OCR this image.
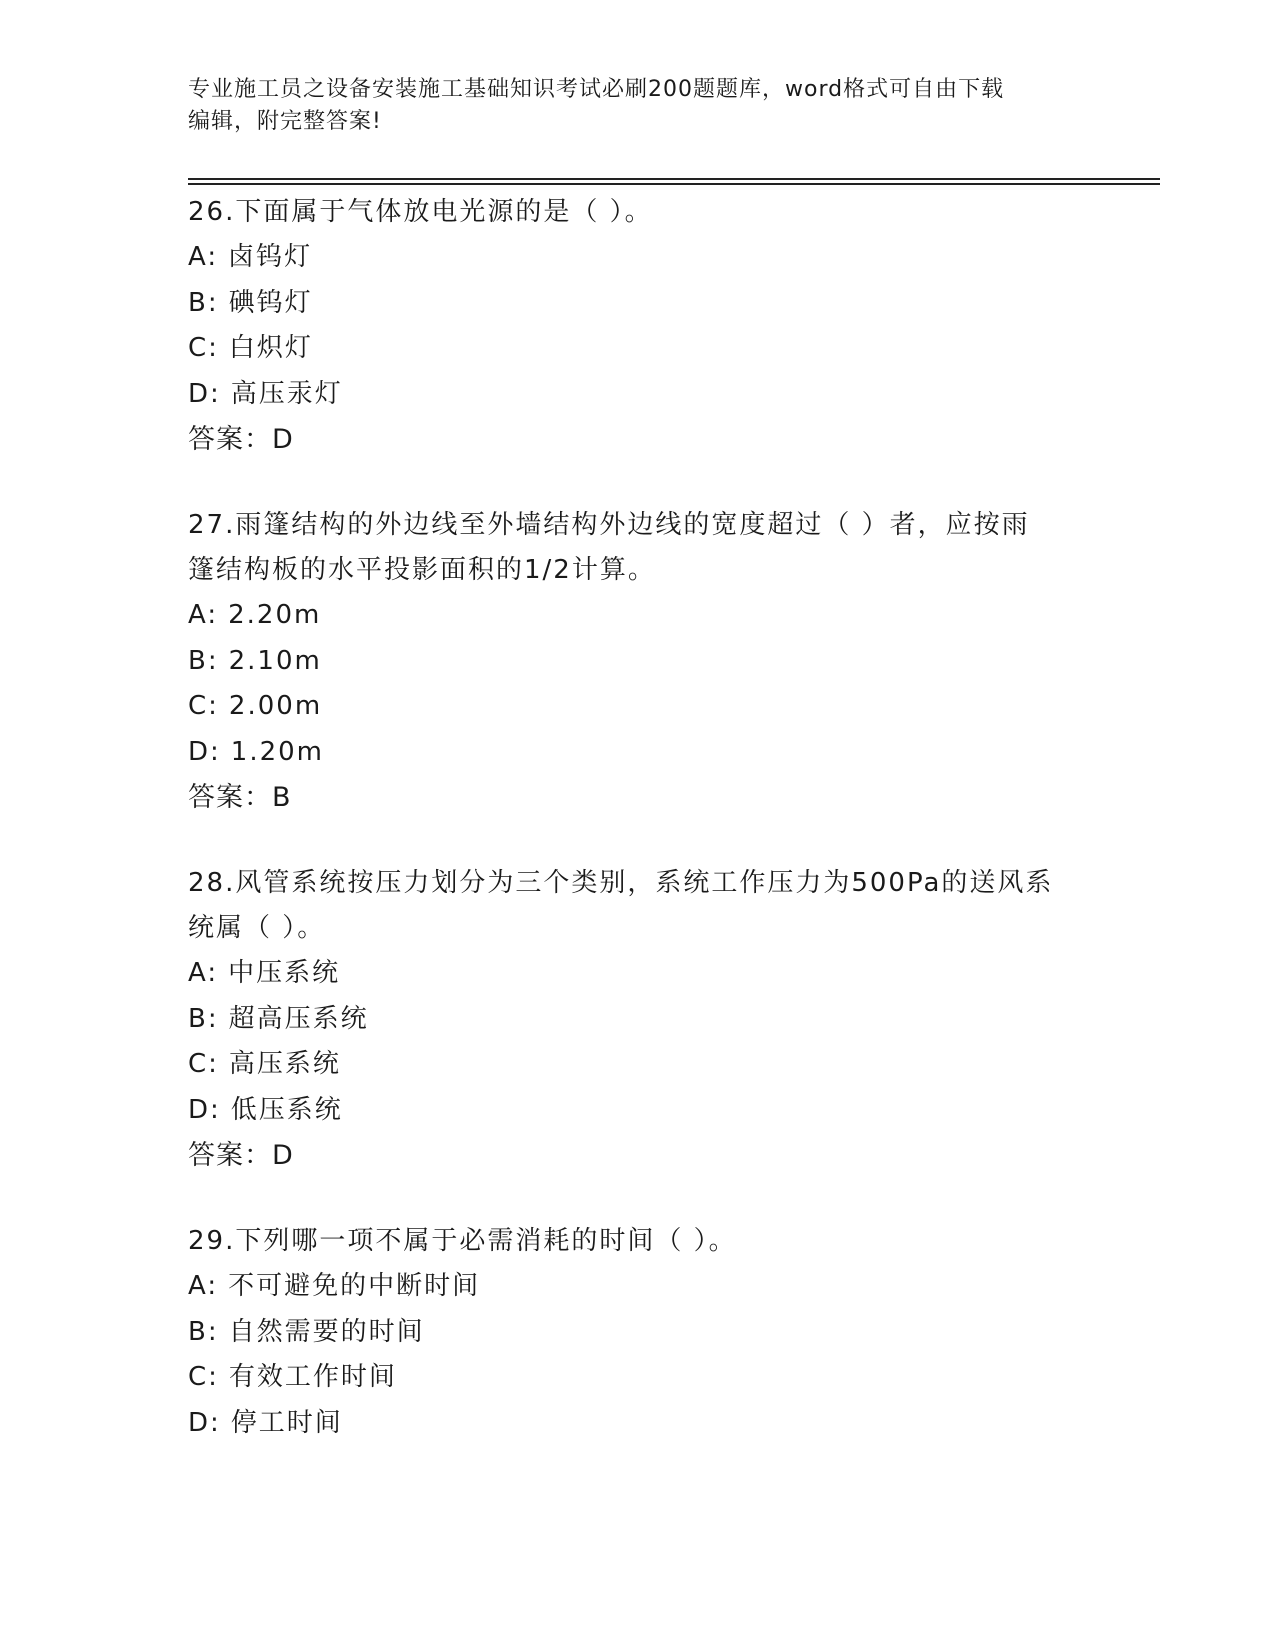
专业施工员之设备安装施工基础知识考试必刷200题题库，word格式可自由下载
编辑，附完整答案!
26.下面属于气体放电光源的是（ ）。
A: 卤钨灯
B: 碘钨灯
C: 白炽灯
D: 高压汞灯
答案：D
27.雨篷结构的外边线至外墙结构外边线的宽度超过（ ）者，应按雨
篷结构板的水平投影面积的1/2计算。
A: 2.20m
B: 2.10m
C: 2.00m
D: 1.20m
答案：B
28.风管系统按压力划分为三个类别，系统工作压力为500Pa的送风系
统属（ ）。
A: 中压系统
B: 超高压系统
C: 高压系统
D: 低压系统
答案：D
29.下列哪一项不属于必需消耗的时间（ ）。
A: 不可避免的中断时间
B: 自然需要的时间
C: 有效工作时间
D: 停工时间
